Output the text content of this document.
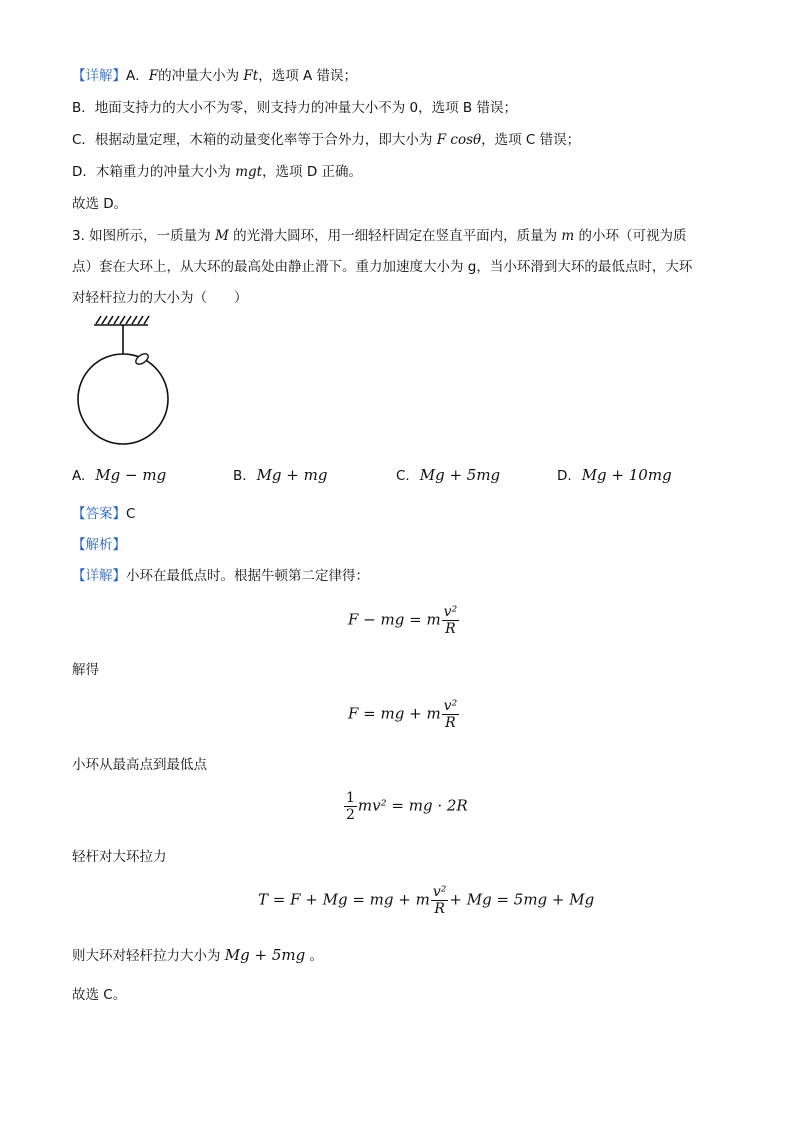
【详解】A．F的冲量大小为 Ft，选项 A 错误；
B．地面支持力的大小不为零，则支持力的冲量大小不为 0，选项 B 错误；
C．根据动量定理，木箱的动量变化率等于合外力，即大小为 F cosθ，选项 C 错误；
D．木箱重力的冲量大小为 mgt，选项 D 正确。
故选 D。
3. 如图所示，一质量为 M 的光滑大圆环，用一细轻杆固定在竖直平面内，质量为 m 的小环（可视为质
点）套在大环上，从大环的最高处由静止滑下。重力加速度大小为 g，当小环滑到大环的最低点时，大环
对轻杆拉力的大小为（　　）
A. Mg − mg	B. Mg + mg	C. Mg + 5mg	D. Mg + 10mg
【答案】C
【解析】
【详解】小环在最低点时。根据牛顿第二定律得：
F − mg = m $\frac{\text{v²}}{R}$
解得
F = mg + m $\frac{\text{v²}}{R}$
小环从最高点到最低点
$\frac{1}{2} mv^2$ = mg · 2R
轻杆对大环拉力
T = F + Mg = mg + m $\frac{\text{v²}}{R} + Mg = 5mg + Mg$
则大环对轻杆拉力大小为 Mg + 5mg 。
故选 C。
